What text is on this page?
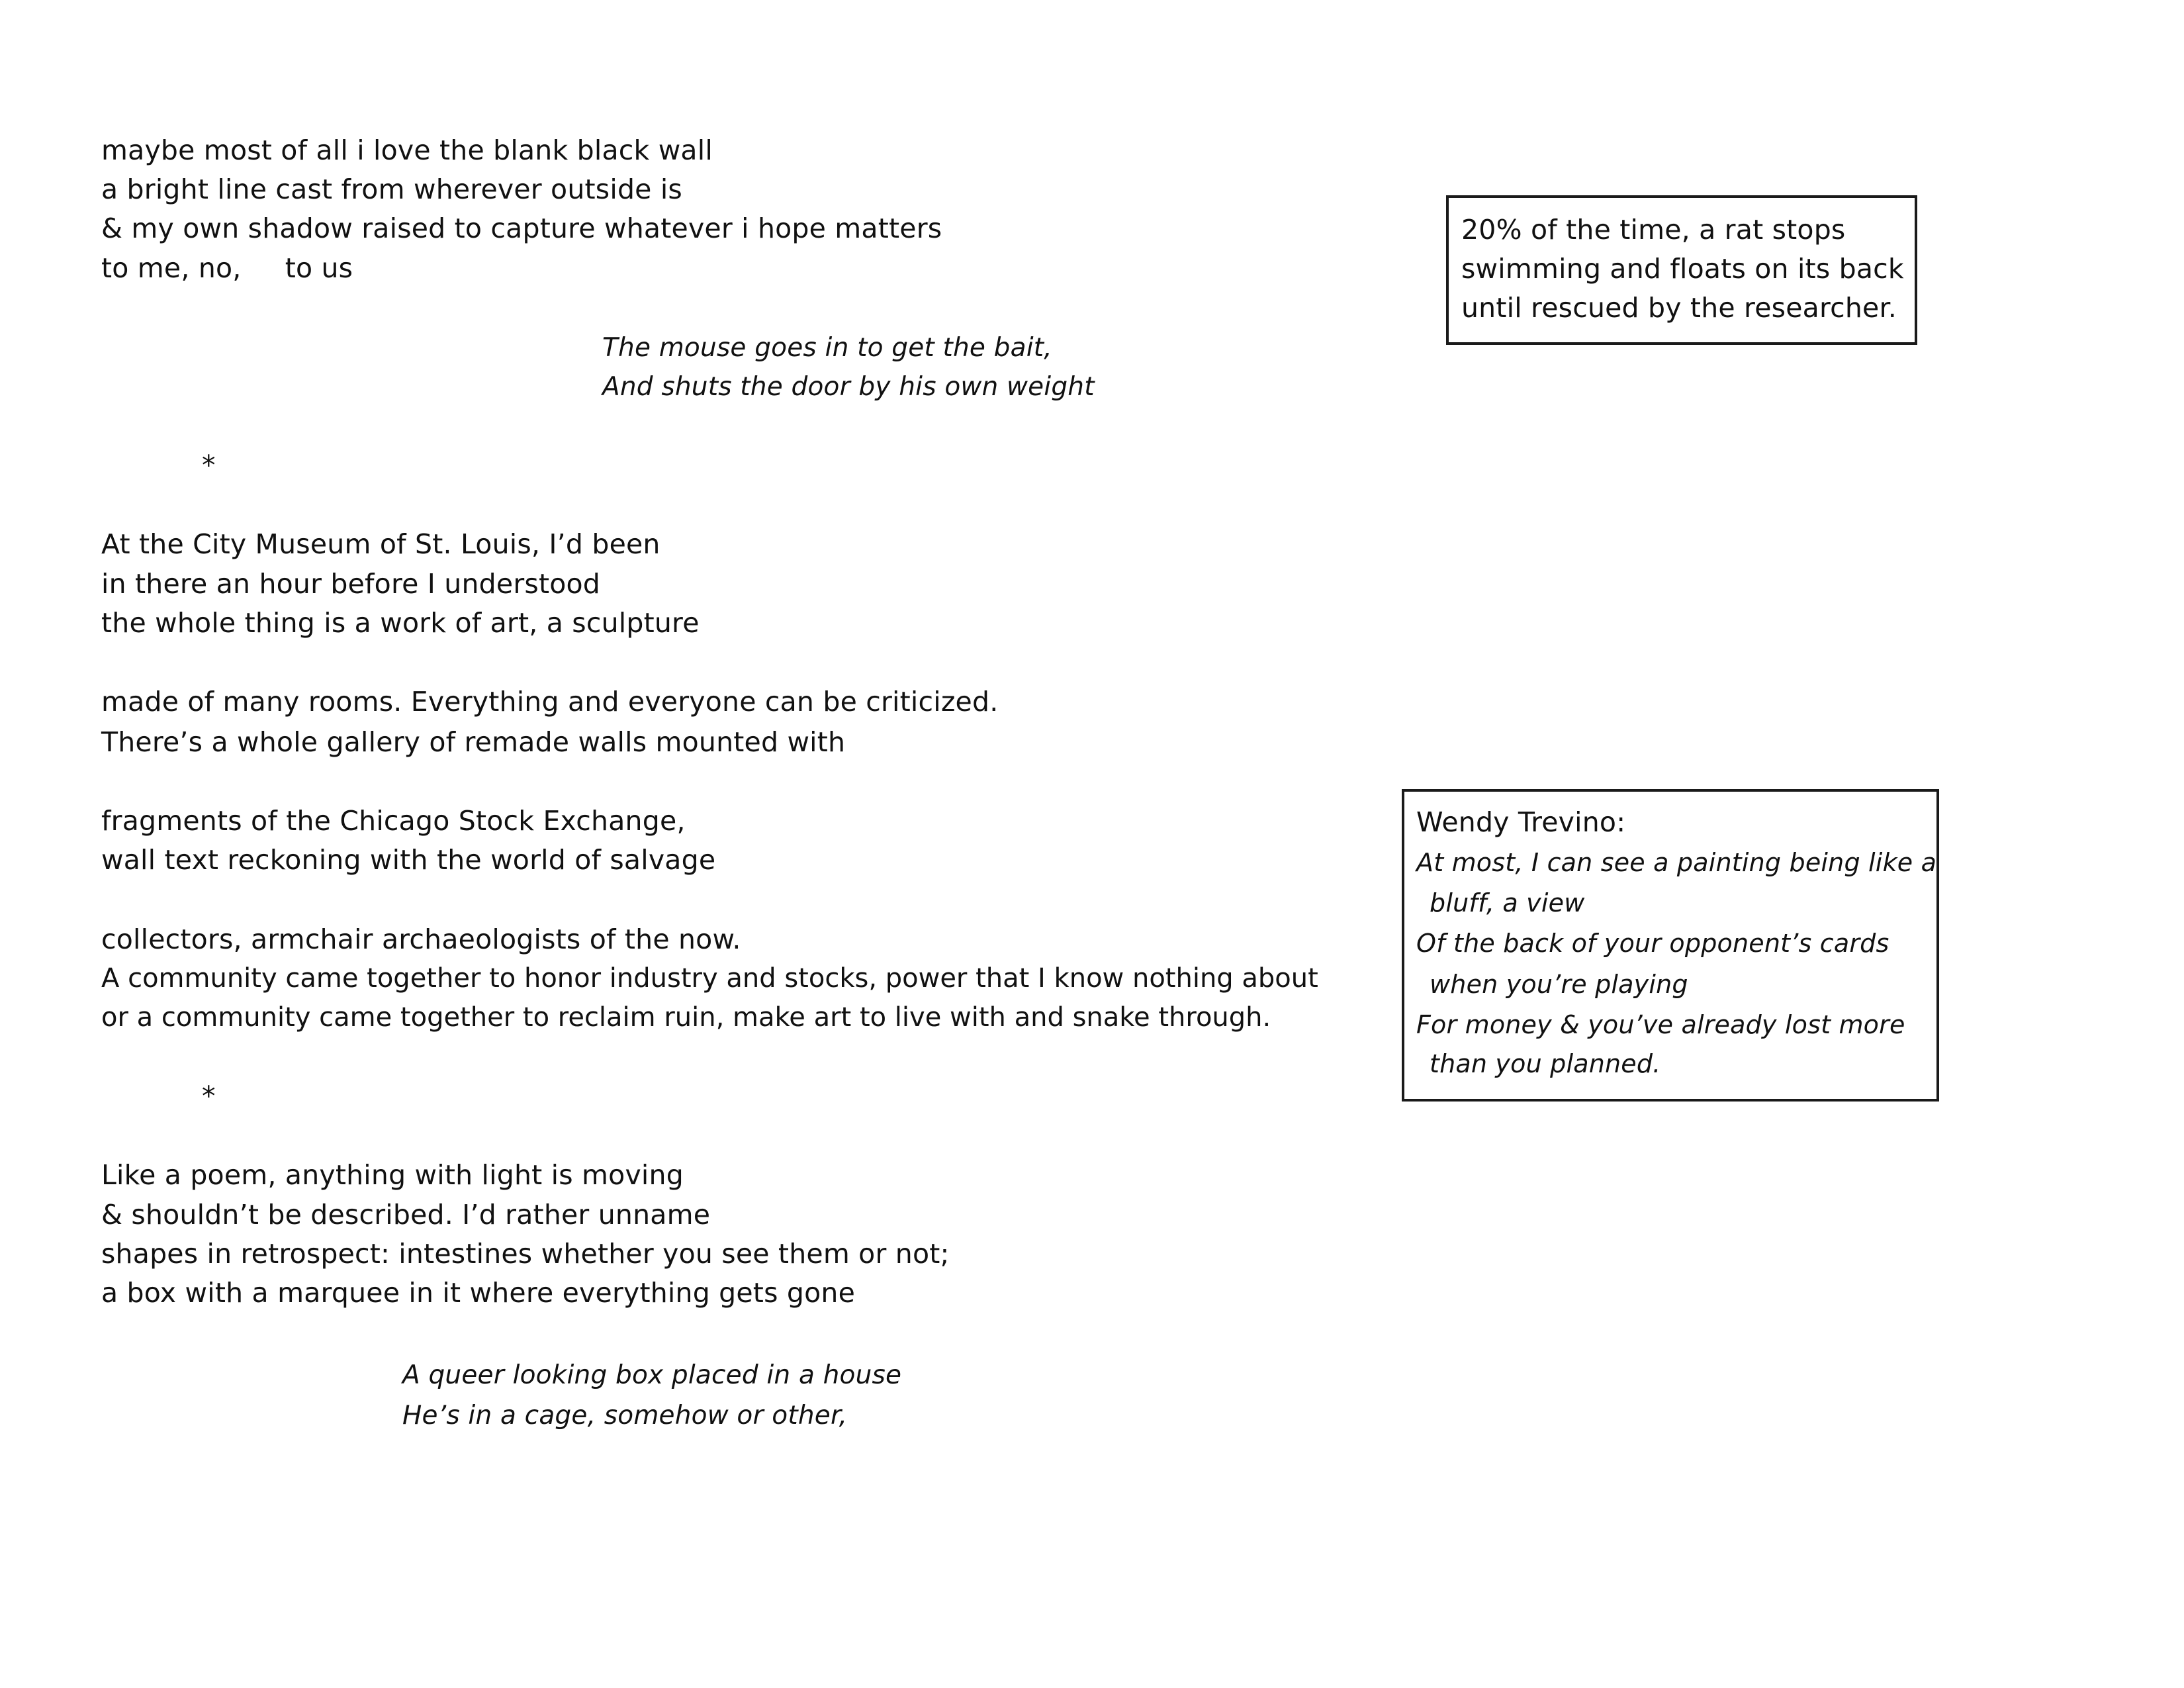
maybe most of all i love the blank black wall
a bright line cast from wherever outside is
& my own shadow raised to capture whatever i hope matters
to me, no,     to us
The mouse goes in to get the bait,
And shuts the door by his own weight
*
At the City Museum of St. Louis, I’d been
in there an hour before I understood
the whole thing is a work of art, a sculpture
made of many rooms. Everything and everyone can be criticized.
There’s a whole gallery of remade walls mounted with
fragments of the Chicago Stock Exchange,
wall text reckoning with the world of salvage
collectors, armchair archaeologists of the now.
A community came together to honor industry and stocks, power that I know nothing about
or a community came together to reclaim ruin, make art to live with and snake through.
*
Like a poem, anything with light is moving
& shouldn’t be described. I’d rather unname
shapes in retrospect: intestines whether you see them or not;
a box with a marquee in it where everything gets gone
A queer looking box placed in a house
He’s in a cage, somehow or other,
20% of the time, a rat stops
swimming and floats on its back
until rescued by the researcher.
Wendy Trevino:
At most, I can see a painting being like a
bluff, a view
Of the back of your opponent’s cards
when you’re playing
For money & you’ve already lost more
than you planned.
